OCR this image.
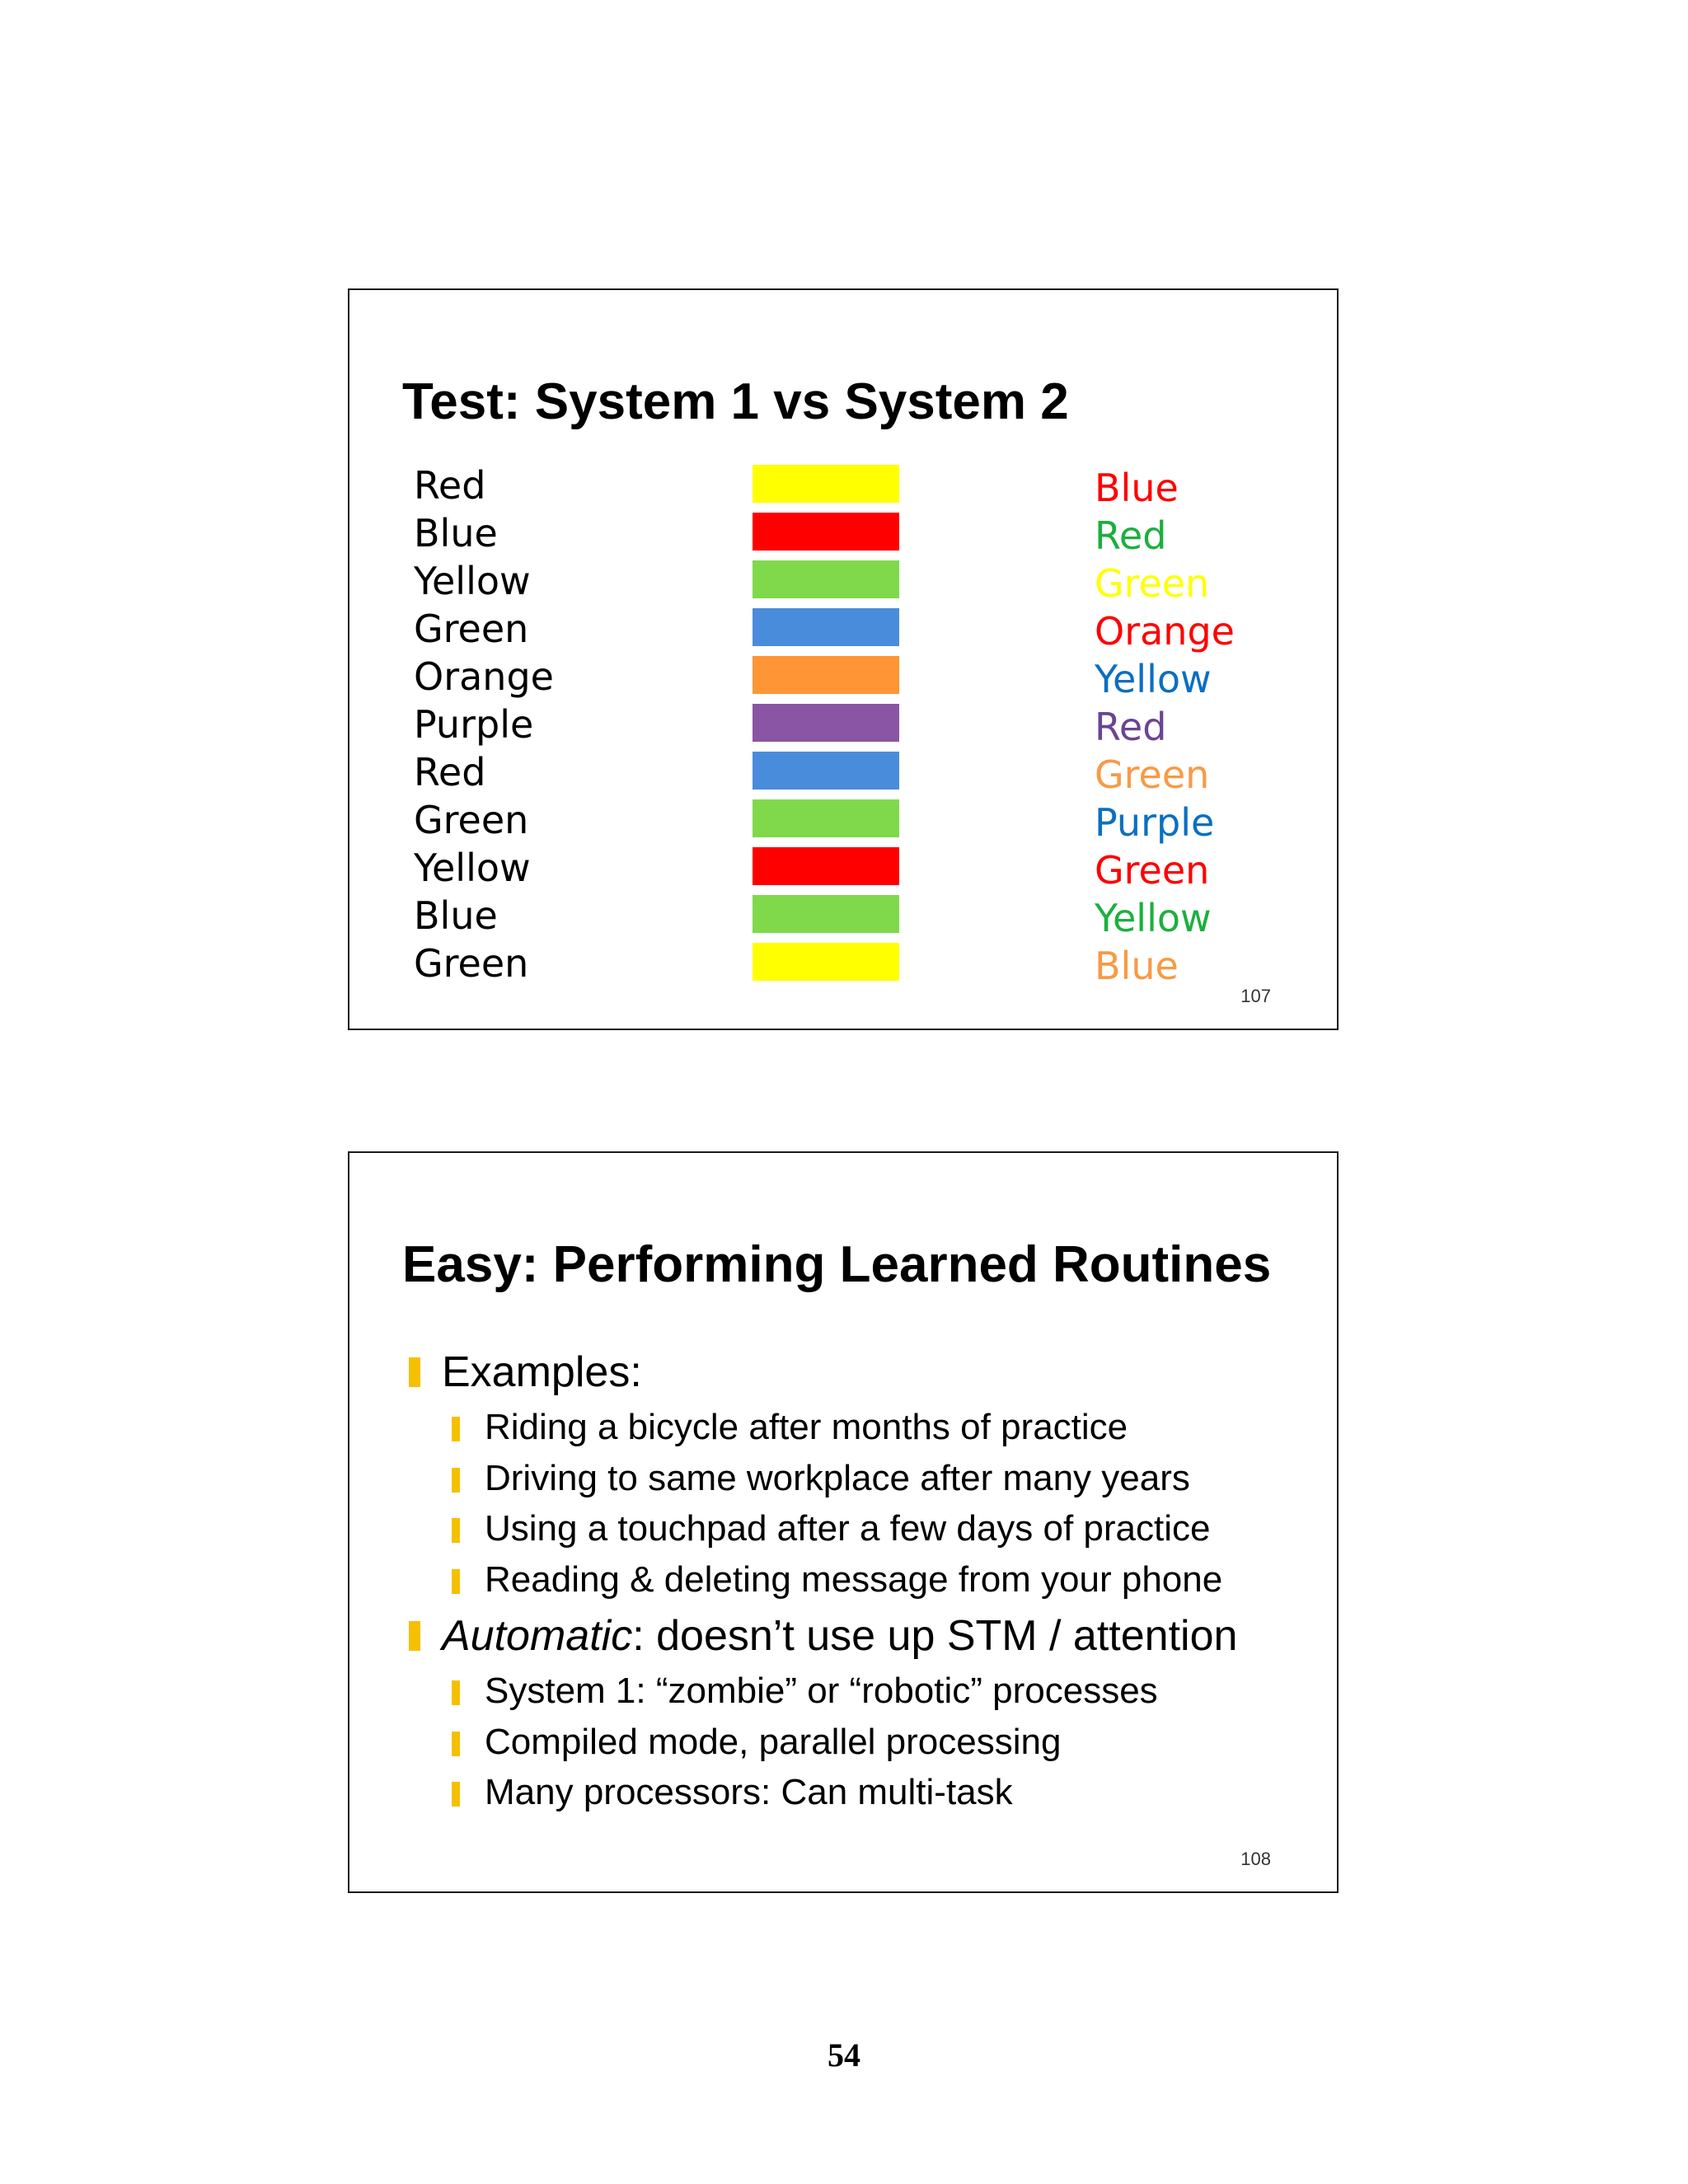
Test: System 1 vs System 2
Red
Blue
Yellow
Green
Orange
Purple
Red
Green
Yellow
Blue
Green
Blue
Red
Green
Orange
Yellow
Red
Green
Purple
Green
Yellow
Blue
107
Easy: Performing Learned Routines
Examples:
Riding a bicycle after months of practice
Driving to same workplace after many years
Using a touchpad after a few days of practice
Reading & deleting message from your phone
Automatic: doesn’t use up STM / attention
System 1: “zombie” or “robotic” processes
Compiled mode, parallel processing
Many processors: Can multi-task
108
54
